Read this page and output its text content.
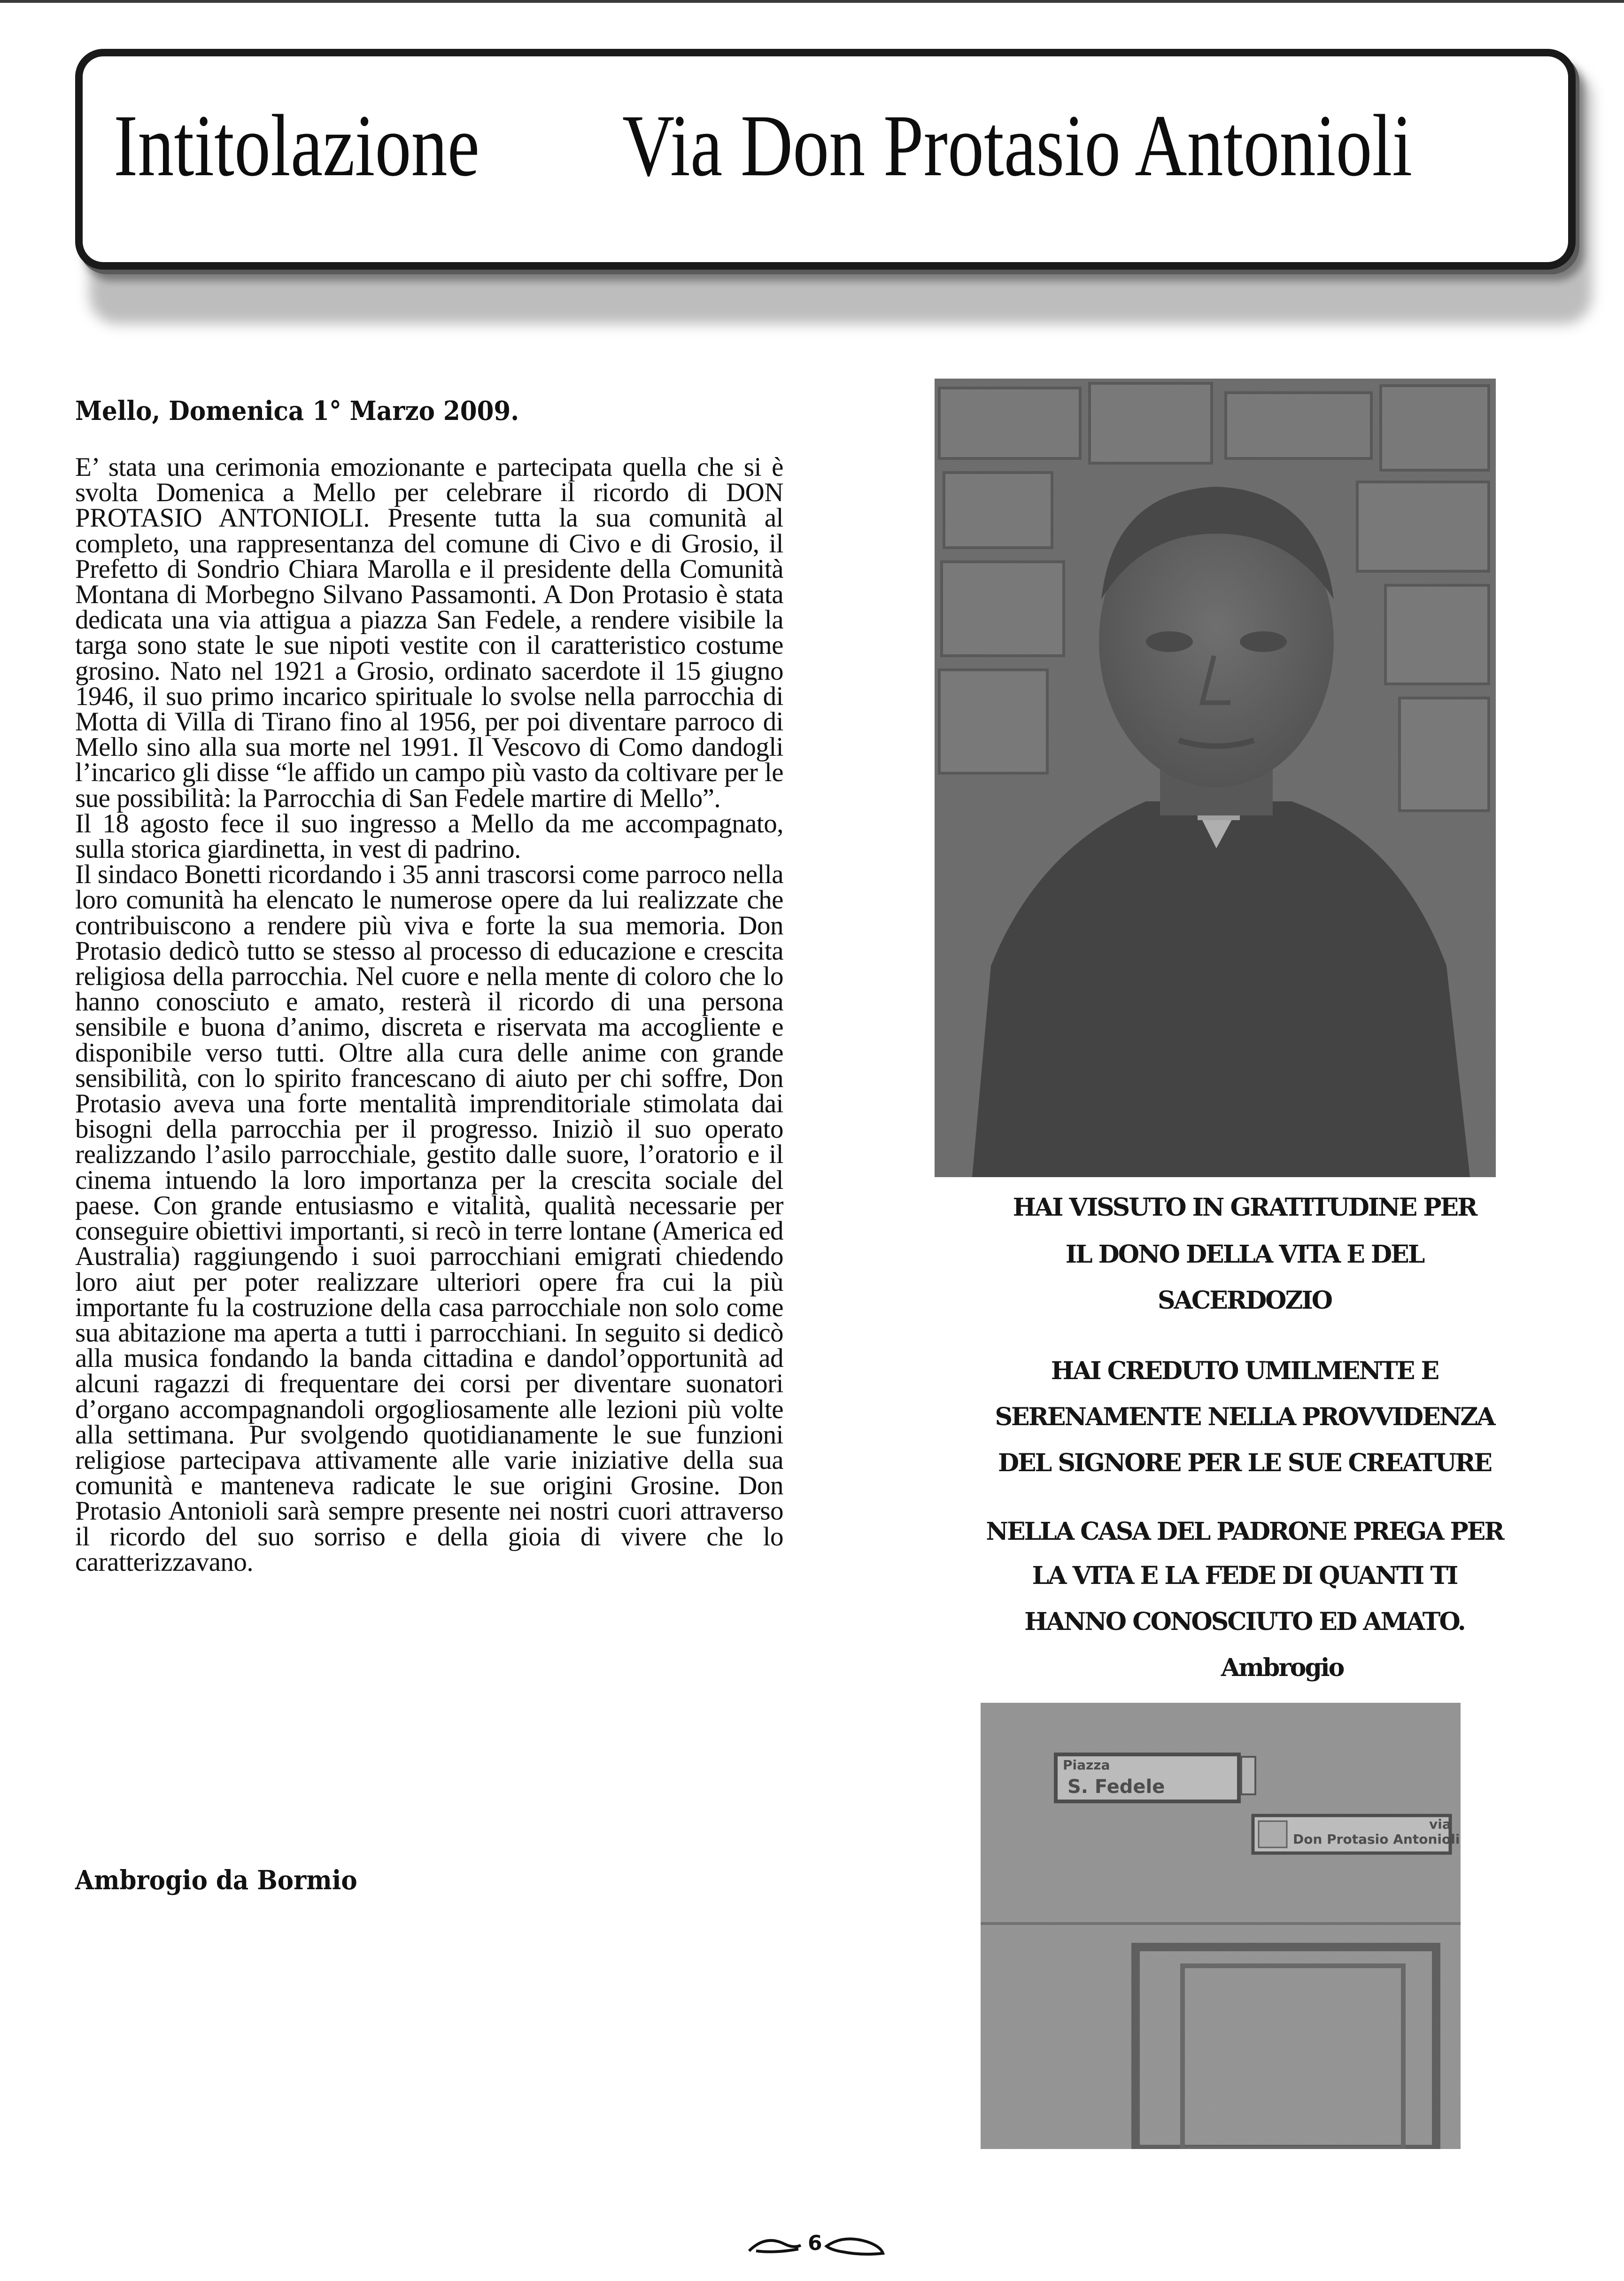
Intitolazione Via Don Protasio Antonioli
Mello, Domenica 1° Marzo 2009.

E’ stata una cerimonia emozionante e partecipata quella che si è svolta Domenica a Mello per celebrare il ricordo di DON PROTASIO ANTONIOLI. Presente tutta la sua comunità al completo, una rappresentanza del comune di Civo e di Grosio, il Prefetto di Sondrio Chiara Marolla e il presidente della Comunità Montana di Morbegno Silvano Passamonti. A Don Protasio è stata dedicata una via attigua a piazza San Fedele, a rendere visibile la targa sono state le sue nipoti vestite con il caratteristico costume grosino. Nato nel 1921 a Grosio, ordinato sacerdote il 15 giugno 1946, il suo primo incarico spirituale lo svolse nella parrocchia di Motta di Villa di Tirano fino al 1956, per poi diventare parroco di Mello sino alla sua morte nel 1991. Il Vescovo di Como dandogli l’incarico gli disse “le affido un campo più vasto da coltivare per le sue possibilità: la Parrocchia di San Fedele martire di Mello”.

Il 18 agosto fece il suo ingresso a Mello da me accompagnato, sulla storica giardinetta, in vest di padrino.

Il sindaco Bonetti ricordando i 35 anni trascorsi come parroco nella loro comunità ha elencato le numerose opere da lui realizzate che contribuiscono a rendere più viva e forte la sua memoria. Don Protasio dedicò tutto se stesso al processo di educazione e crescita religiosa della parrocchia. Nel cuore e nella mente di coloro che lo hanno conosciuto e amato, resterà il ricordo di una persona sensibile e buona d’animo, discreta e riservata ma accogliente e disponibile verso tutti. Oltre alla cura delle anime con grande sensibilità, con lo spirito francescano di aiuto per chi soffre, Don Protasio aveva una forte mentalità imprenditoriale stimolata dai bisogni della parrocchia per il progresso. Iniziò il suo operato realizzando l’asilo parrocchiale, gestito dalle suore, l’oratorio e il cinema intuendo la loro importanza per la crescita sociale del paese. Con grande entusiasmo e vitalità, qualità necessarie per conseguire obiettivi importanti, si recò in terre lontane (America ed Australia) raggiungendo i suoi parrocchiani emigrati chiedendo loro aiut per poter realizzare ulteriori opere fra cui la più importante fu la costruzione della casa parrocchiale non solo come sua abitazione ma aperta a tutti i parrocchiani. In seguito si dedicò alla musica fondando la banda cittadina e dandol’opportunità ad alcuni ragazzi di frequentare dei corsi per diventare suonatori d’organo accompagnandoli orgogliosamente alle lezioni più volte alla settimana. Pur svolgendo quotidianamente le sue funzioni religiose partecipava attivamente alle varie iniziative della sua comunità e manteneva radicate le sue origini Grosine. Don Protasio Antonioli sarà sempre presente nei nostri cuori attraverso il ricordo del suo sorriso e della gioia di vivere che lo caratterizzavano.

Ambrogio da Bormio
HAI VISSUTO IN GRATITUDINE PER
IL DONO DELLA VITA E DEL
SACERDOZIO
HAI CREDUTO UMILMENTE E
SERENAMENTE NELLA PROVVIDENZA
DEL SIGNORE PER LE SUE CREATURE
NELLA CASA DEL PADRONE PREGA PER
LA VITA E LA FEDE DI QUANTI TI
HANNO CONOSCIUTO ED AMATO.
Ambrogio
Piazza
S. Fedele
via
Don Protasio Antonioli
6
